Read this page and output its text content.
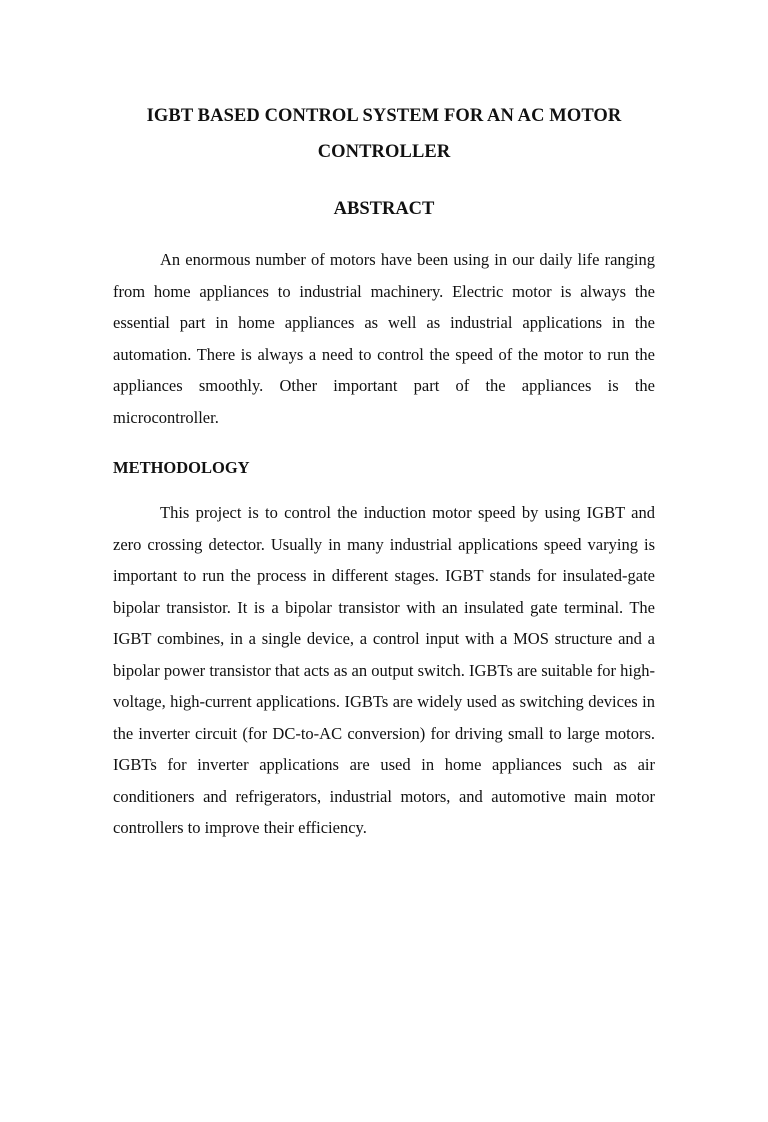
IGBT BASED CONTROL SYSTEM FOR AN AC MOTOR CONTROLLER
ABSTRACT

An enormous number of motors have been using in our daily life ranging from home appliances to industrial machinery. Electric motor is always the essential part in home appliances as well as industrial applications in the automation. There is always a need to control the speed of the motor to run the appliances smoothly. Other important part of the appliances is the microcontroller.

METHODOLOGY

This project is to control the induction motor speed by using IGBT and zero crossing detector. Usually in many industrial applications speed varying is important to run the process in different stages. IGBT stands for insulated-gate bipolar transistor. It is a bipolar transistor with an insulated gate terminal. The IGBT combines, in a single device, a control input with a MOS structure and a bipolar power transistor that acts as an output switch. IGBTs are suitable for high-voltage, high-current applications. IGBTs are widely used as switching devices in the inverter circuit (for DC-to-AC conversion) for driving small to large motors. IGBTs for inverter applications are used in home appliances such as air conditioners and refrigerators, industrial motors, and automotive main motor controllers to improve their efficiency.
